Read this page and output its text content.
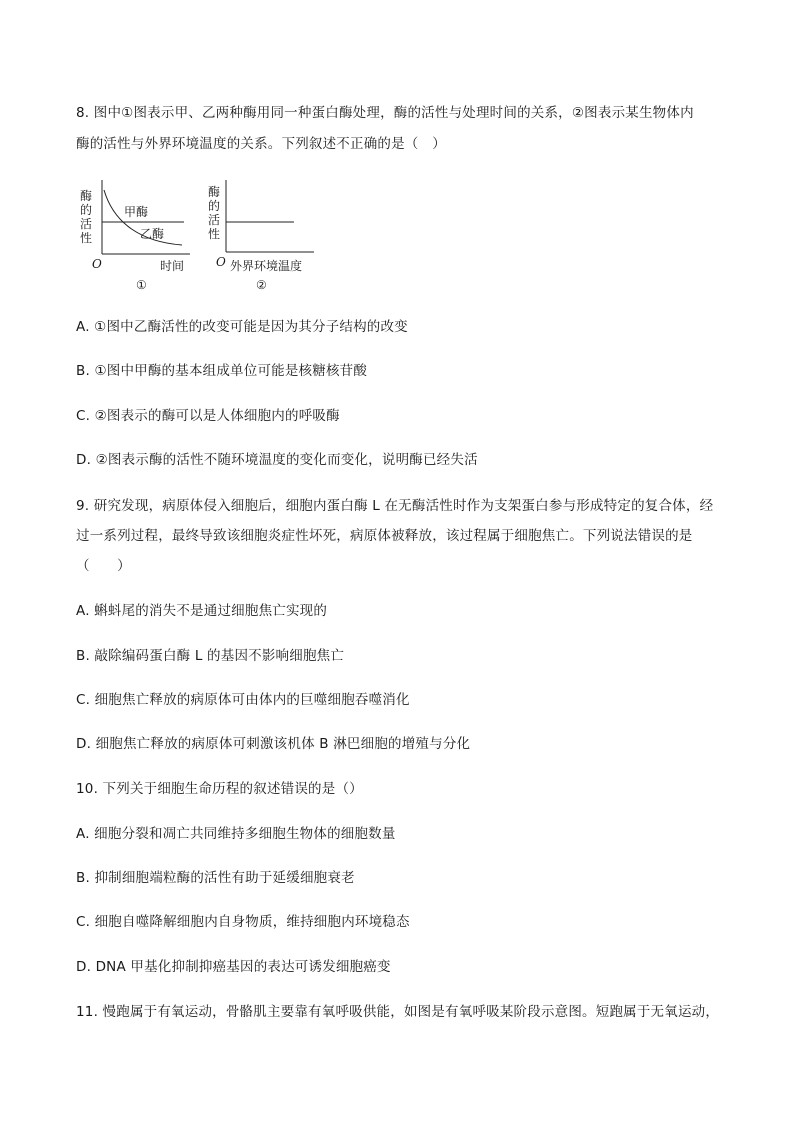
8. 图中①图表示甲、乙两种酶用同一种蛋白酶处理，酶的活性与处理时间的关系，②图表示某生物体内
酶的活性与外界环境温度的关系。下列叙述不正确的是（　）
酶
的
活
性
甲酶
乙酶
O	时间
①
酶
的
活
性
O 外界环境温度
②
A. ①图中乙酶活性的改变可能是因为其分子结构的改变
B. ①图中甲酶的基本组成单位可能是核糖核苷酸
C. ②图表示的酶可以是人体细胞内的呼吸酶
D. ②图表示酶的活性不随环境温度的变化而变化，说明酶已经失活
9. 研究发现，病原体侵入细胞后，细胞内蛋白酶 L 在无酶活性时作为支架蛋白参与形成特定的复合体，经
过一系列过程，最终导致该细胞炎症性坏死，病原体被释放，该过程属于细胞焦亡。下列说法错误的是
（　　）
A. 蝌蚪尾的消失不是通过细胞焦亡实现的
B. 敲除编码蛋白酶 L 的基因不影响细胞焦亡
C. 细胞焦亡释放的病原体可由体内的巨噬细胞吞噬消化
D. 细胞焦亡释放的病原体可刺激该机体 B 淋巴细胞的增殖与分化
10. 下列关于细胞生命历程的叙述错误的是（）
A. 细胞分裂和凋亡共同维持多细胞生物体的细胞数量
B. 抑制细胞端粒酶的活性有助于延缓细胞衰老
C. 细胞自噬降解细胞内自身物质，维持细胞内环境稳态
D. DNA 甲基化抑制抑癌基因的表达可诱发细胞癌变
11. 慢跑属于有氧运动，骨骼肌主要靠有氧呼吸供能，如图是有氧呼吸某阶段示意图。短跑属于无氧运动，
